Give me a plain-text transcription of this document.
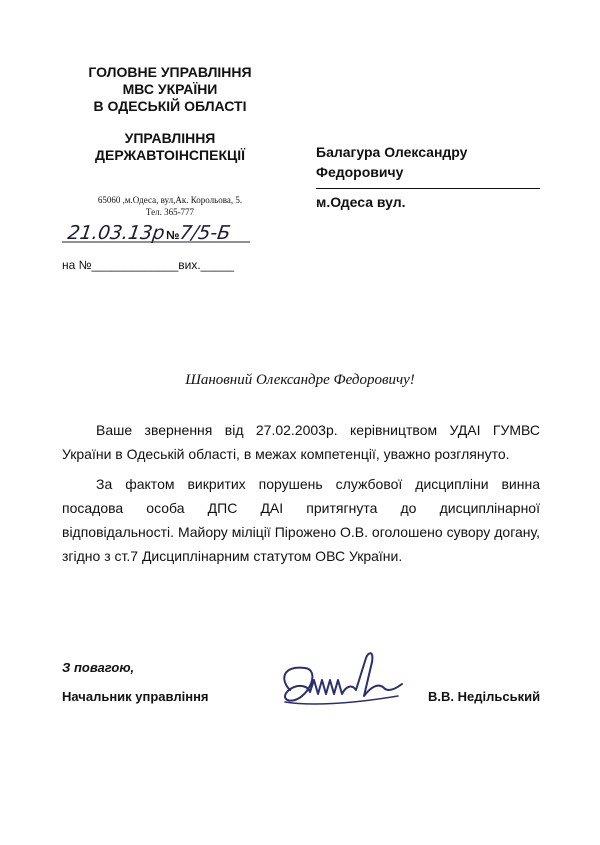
ГОЛОВНЕ УПРАВЛІННЯ
МВС УКРАЇНИ
В ОДЕСЬКІЙ ОБЛАСТІ
УПРАВЛІННЯ
ДЕРЖАВТОІНСПЕКЦІЇ
65060 ,м.Одеса, вул,Ак. Корольова, 5.
Тел. 365-777
21.03.13р №
7/5-Б
на №_____________вих._____
Балагура Олександру
Федоровичу
м.Одеса вул.
Шановний Олександре Федоровичу!

Ваше звернення від 27.02.2003р. керівництвом УДАІ ГУМВС України в Одеській області, в межах компетенції, уважно розглянуто.

За фактом викритих порушень службової дисципліни винна посадова особа ДПС ДАІ притягнута до дисциплінарної відповідальності. Майору міліції Пірожено О.В. оголошено сувору догану, згідно з ст.7 Дисциплінарним статутом ОВС України.

З повагою,
Начальник управління	В.В. Недільський
